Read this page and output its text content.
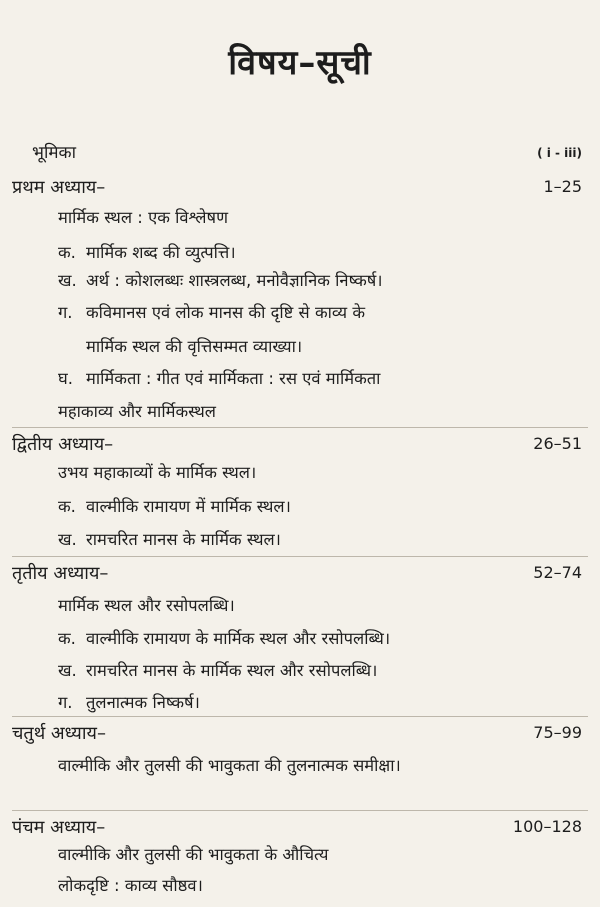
विषय–सूची
भूमिका	( i - iii)
प्रथम अध्याय–	1–25
मार्मिक स्थल : एक विश्लेषण
क. मार्मिक शब्द की व्युत्पत्ति।
ख. अर्थ : कोशलब्धः शास्त्रलब्ध, मनोवैज्ञानिक निष्कर्ष।
ग. कविमानस एवं लोक मानस की दृष्टि से काव्य के
मार्मिक स्थल की वृत्तिसम्मत व्याख्या।
घ. मार्मिकता : गीत एवं मार्मिकता : रस एवं मार्मिकता
महाकाव्य और मार्मिकस्थल
द्वितीय अध्याय–	26–51
उभय महाकाव्यों के मार्मिक स्थल।
क. वाल्मीकि रामायण में मार्मिक स्थल।
ख. रामचरित मानस के मार्मिक स्थल।
तृतीय अध्याय–	52–74
मार्मिक स्थल और रसोपलब्धि।
क. वाल्मीकि रामायण के मार्मिक स्थल और रसोपलब्धि।
ख. रामचरित मानस के मार्मिक स्थल और रसोपलब्धि।
ग. तुलनात्मक निष्कर्ष।
चतुर्थ अध्याय–	75–99
वाल्मीकि और तुलसी की भावुकता की तुलनात्मक समीक्षा।
पंचम अध्याय–	100–128
वाल्मीकि और तुलसी की भावुकता के औचित्य
लोकदृष्टि : काव्य सौष्ठव।
